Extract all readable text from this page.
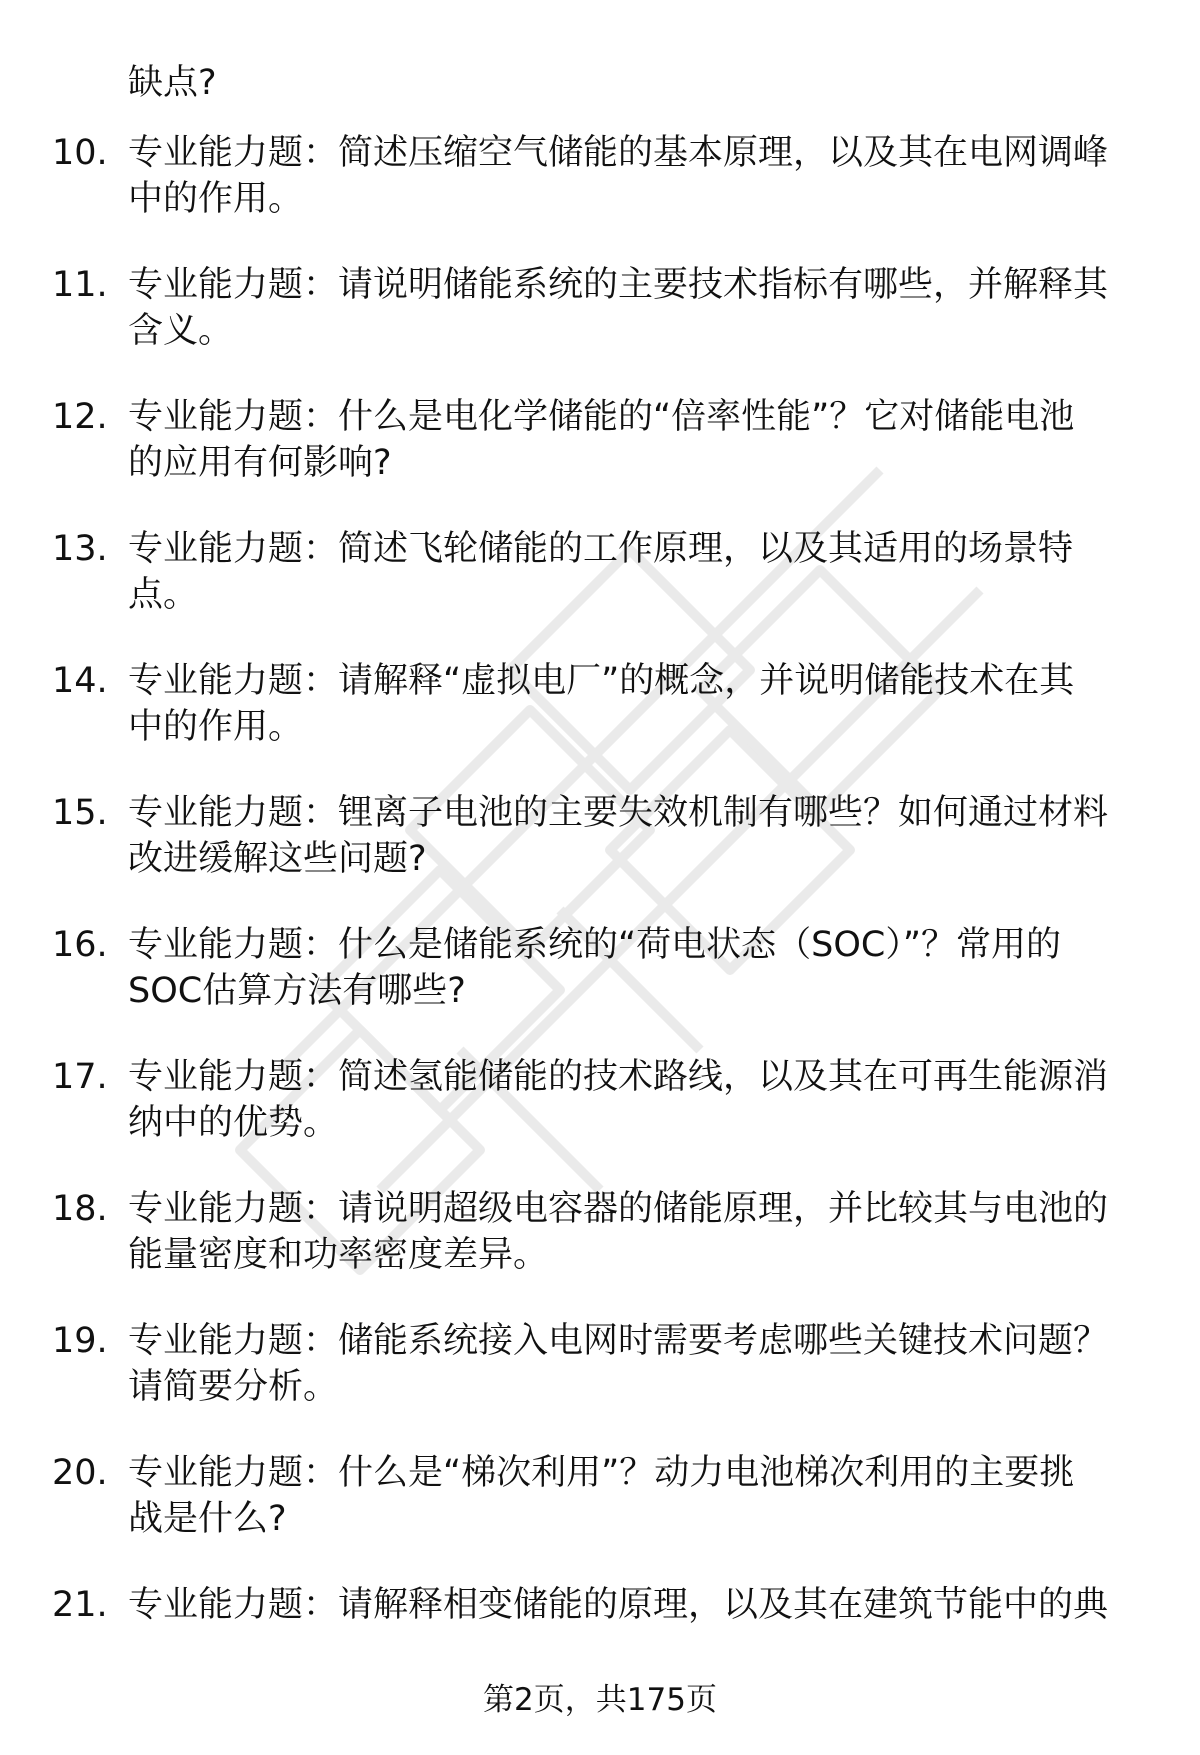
缺点?
10. 专业能力题：简述压缩空气储能的基本原理，以及其在电网调峰
中的作用。
11. 专业能力题：请说明储能系统的主要技术指标有哪些，并解释其
含义。
12. 专业能力题：什么是电化学储能的“倍率性能”？它对储能电池
的应用有何影响?
13. 专业能力题：简述飞轮储能的工作原理，以及其适用的场景特
点。
14. 专业能力题：请解释“虚拟电厂”的概念，并说明储能技术在其
中的作用。
15. 专业能力题：锂离子电池的主要失效机制有哪些？如何通过材料
改进缓解这些问题?
16. 专业能力题：什么是储能系统的“荷电状态（SOC）”？常用的
SOC估算方法有哪些?
17. 专业能力题：简述氢能储能的技术路线，以及其在可再生能源消
纳中的优势。
18. 专业能力题：请说明超级电容器的储能原理，并比较其与电池的
能量密度和功率密度差异。
19. 专业能力题：储能系统接入电网时需要考虑哪些关键技术问题？
请简要分析。
20. 专业能力题：什么是“梯次利用”？动力电池梯次利用的主要挑
战是什么?
21. 专业能力题：请解释相变储能的原理，以及其在建筑节能中的典
第2页，共175页
